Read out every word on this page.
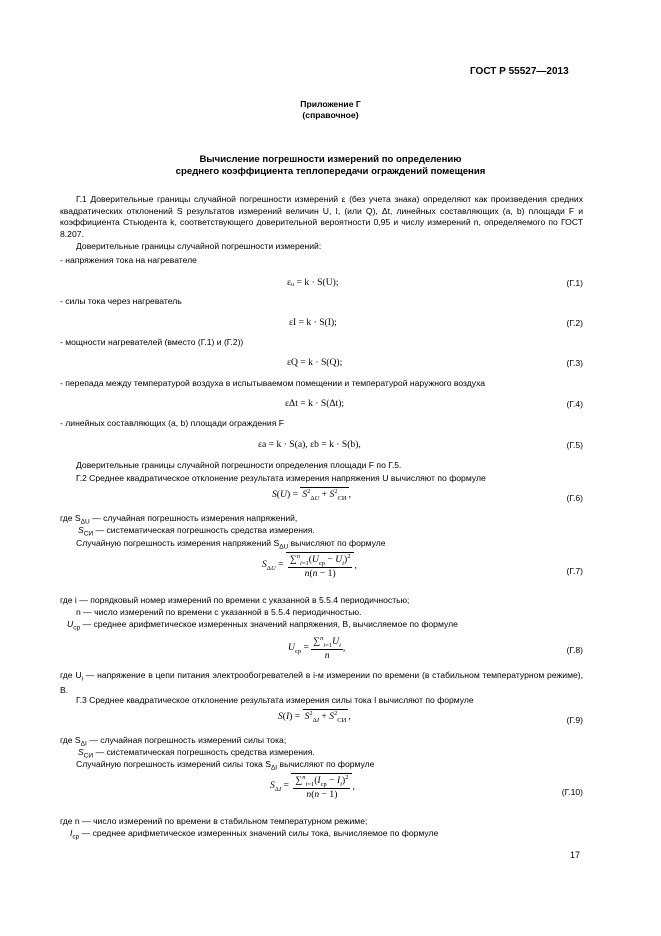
ГОСТ Р 55527—2013
Приложение Г
(справочное)
Вычисление погрешности измерений по определению
среднего коэффициента теплопередачи ограждений помещения
Г.1 Доверительные границы случайной погрешности измерений ε (без учета знака) определяют как произведения средних квадратических отклонений S результатов измерений величин U, I, (или Q), Δt, линейных составляющих (a, b) площади F и коэффициента Стьюдента k, соответствующего доверительной вероятности 0,95 и числу измерений n, определяемого по ГОСТ 8.207.
Доверительные границы случайной погрешности измерений:
- напряжения тока на нагревателе
εᵤ = k · S(U);	(Г.1)
- силы тока через нагреватель
εI = k · S(I);	(Г.2)
- мощности нагревателей (вместо (Г.1) и (Г.2))
εQ = k · S(Q);	(Г.3)
- перепада между температурой воздуха в испытываемом помещении и температурой наружного воздуха
εΔt = k · S(Δt);	(Г.4)
- линейных составляющих (a, b) площади ограждения F
εa = k · S(a), εb = k · S(b),	(Г.5)
Доверительные границы случайной погрешности определения площади F по Г.5.
Г.2 Среднее квадратическое отклонение результата измерения напряжения U вычисляют по формуле
$S(U) = S^2_{\Delta U} + S^2_{СИ}$ ,	(Г.6)
где $S_{\Delta U}$ — случайная погрешность измерения напряжений,
$S_{СИ}$ — систематическая погрешность средства измерения.
Случайную погрешность измерения напряжений $S_{\Delta U}$ вычисляют по формуле
$S_{\Delta U} = \frac{\sum^n_{i=1}(U_{ср} - U_i)^2}{n(n - 1)}$ ,
(Г.7)
где i — порядковый номер измерений по времени с указанной в 5.5.4 периодичностью;
n — число измерений по времени с указанной в 5.5.4 периодичностью.
$U_{ср}$ — среднее арифметическое измеренных значений напряжения, В, вычисляемое по формуле
$U_{ср} = \frac{\sum^n_{i=1}U_i}{n}$ ,	(Г.8)
где $U_i$ — напряжение в цепи питания электрообогревателей в i-м измерении по времени (в стабильном температурном режиме), В.
Г.3 Среднее квадратическое отклонение результата измерения силы тока I вычисляют по формуле
$S(I) = S^2_{\Delta I} + S^2_{СИ}$ ,	(Г.9)
где $S_{\Delta I}$ — случайная погрешность измерений силы тока;
$S_{СИ}$ — систематическая погрешность средства измерения.
Случайную погрешность измерений силы тока $S_{\Delta I}$ вычисляют по формуле
$S_{\Delta I} = \frac{\sum^n_{i=1}(I_{ср} - I_i)^2}{n(n - 1)}$ ,
(Г.10)
где n — число измерений по времени в стабильном температурном режиме;
$I_{ср}$ — среднее арифметическое измеренных значений силы тока, вычисляемое по формуле
17
